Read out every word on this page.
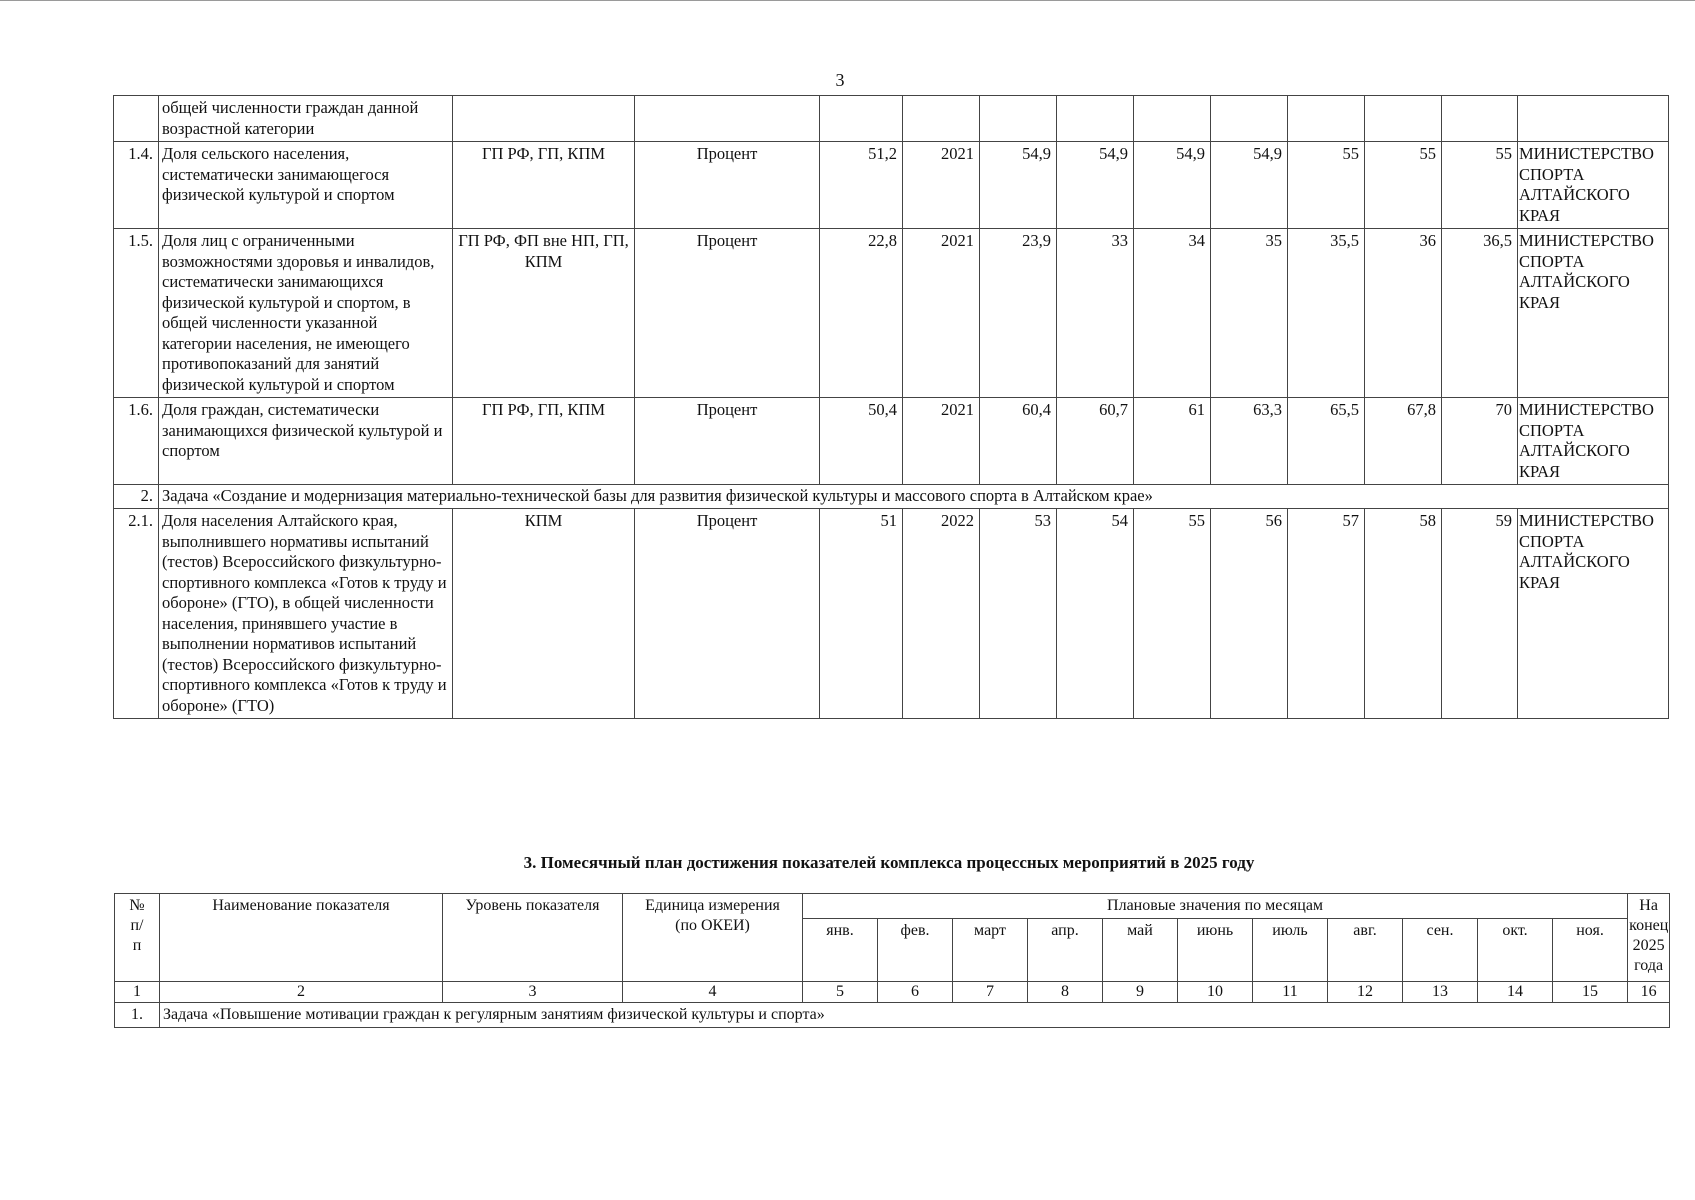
3
	общей численности граждан данной возрастной категории												
1.4.	Доля сельского населения, систематически занимающегося физической культурой и спортом	ГП РФ, ГП, КПМ	Процент	51,2	2021	54,9	54,9	54,9	54,9	55	55	55	МИНИСТЕРСТВО СПОРТА АЛТАЙСКОГО КРАЯ
1.5.	Доля лиц с ограниченными возможностями здоровья и инвалидов, систематически занимающихся физической культурой и спортом, в общей численности указанной категории населения, не имеющего противопоказаний для занятий физической культурой и спортом	ГП РФ, ФП вне НП, ГП, КПМ	Процент	22,8	2021	23,9	33	34	35	35,5	36	36,5	МИНИСТЕРСТВО СПОРТА АЛТАЙСКОГО КРАЯ
1.6.	Доля граждан, систематически занимающихся физической культурой и спортом	ГП РФ, ГП, КПМ	Процент	50,4	2021	60,4	60,7	61	63,3	65,5	67,8	70	МИНИСТЕРСТВО СПОРТА АЛТАЙСКОГО КРАЯ
2.	Задача «Создание и модернизация материально-технической базы для развития физической культуры и массового спорта в Алтайском крае»												
2.1.	Доля населения Алтайского края, выполнившего нормативы испытаний (тестов) Всероссийского физкультурно-спортивного комплекса «Готов к труду и обороне» (ГТО), в общей численности населения, принявшего участие в выполнении нормативов испытаний (тестов) Всероссийского физкультурно-спортивного комплекса «Готов к труду и обороне» (ГТО)	КПМ	Процент	51	2022	53	54	55	56	57	58	59	МИНИСТЕРСТВО СПОРТА АЛТАЙСКОГО КРАЯ
3. Помесячный план достижения показателей комплекса процессных мероприятий в 2025 году
№ п/п	Наименование показателя	Уровень показателя	Единица измерения (по ОКЕИ)	Плановые значения по месяцам											На конец 2025 года
				янв.	фев.	март	апр.	май	июнь	июль	авг.	сен.	окт.	ноя.	
1	2	3	4	5	6	7	8	9	10	11	12	13	14	15	16
1.	Задача «Повышение мотивации граждан к регулярным занятиям физической культуры и спорта»														
